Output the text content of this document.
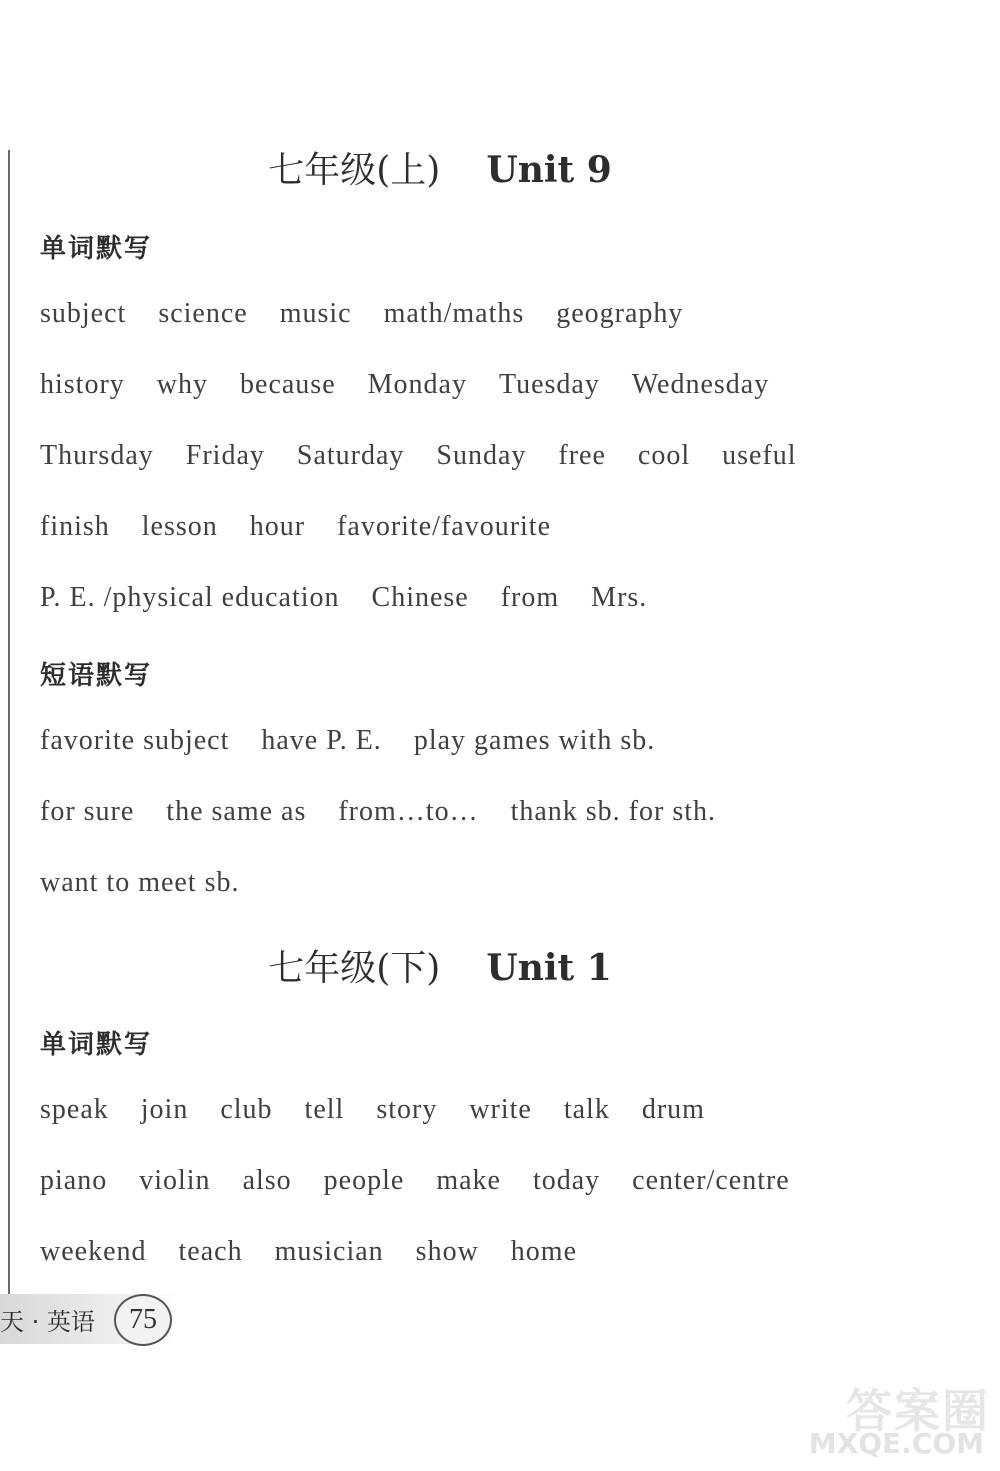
七年级(上) Unit 9
单词默写
subject science music math/maths geography
history why because Monday Tuesday Wednesday
Thursday Friday Saturday Sunday free cool useful
finish lesson hour favorite/favourite
P. E. /physical education Chinese from Mrs.
短语默写
favorite subject have P. E. play games with sb.
for sure the same as from…to… thank sb. for sth.
want to meet sb.
七年级(下) Unit 1
单词默写
speak join club tell story write talk drum
piano violin also people make today center/centre
weekend teach musician show home
天 · 英语	75
答案圈
MXQE.COM
